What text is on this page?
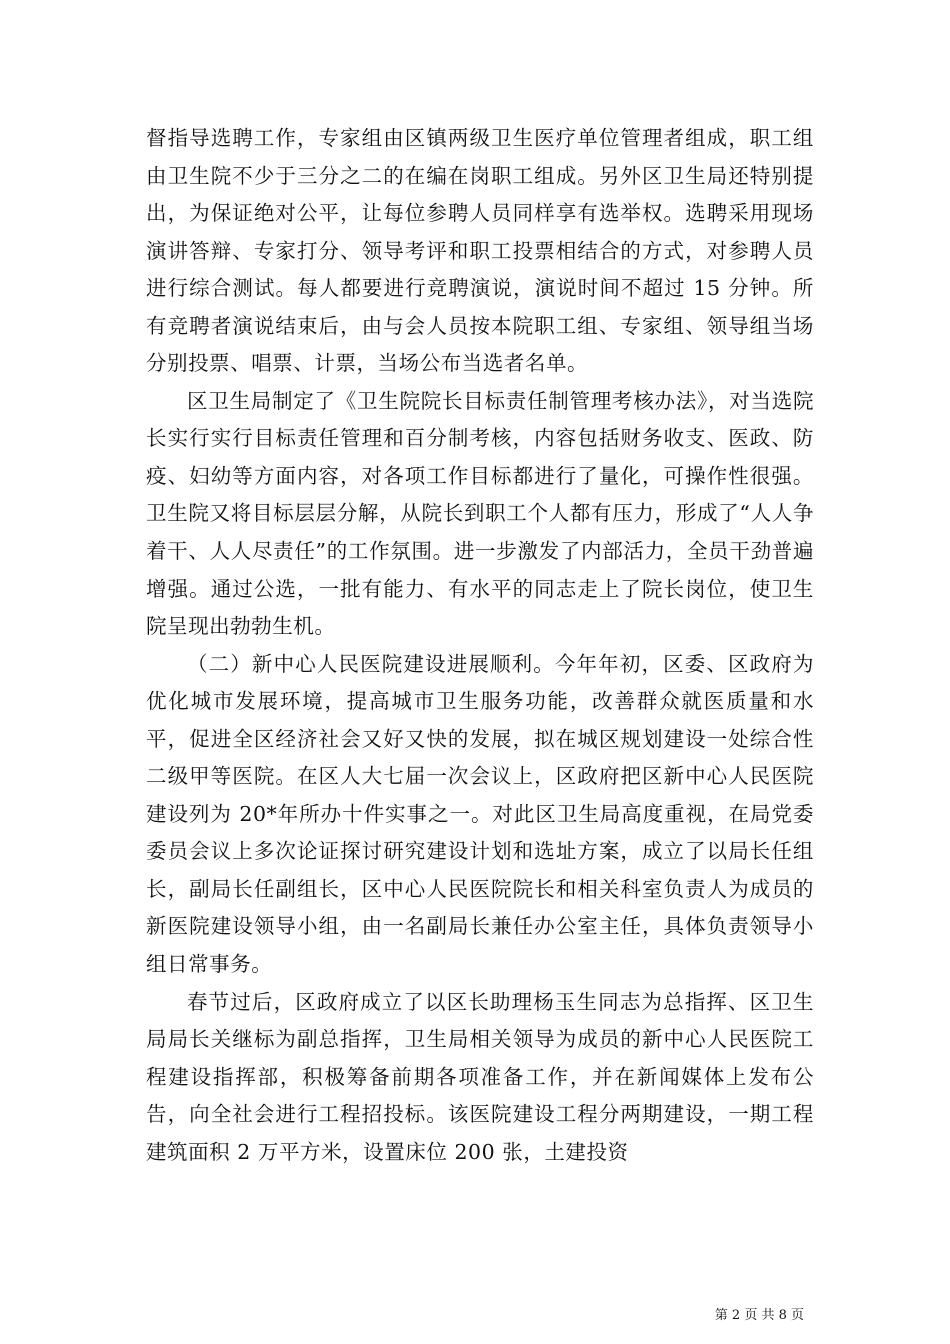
督指导选聘工作，专家组由区镇两级卫生医疗单位管理者组成，职工组由卫生院不少于三分之二的在编在岗职工组成。另外区卫生局还特别提出，为保证绝对公平，让每位参聘人员同样享有选举权。选聘采用现场演讲答辩、专家打分、领导考评和职工投票相结合的方式，对参聘人员进行综合测试。每人都要进行竞聘演说，演说时间不超过 15 分钟。所有竞聘者演说结束后，由与会人员按本院职工组、专家组、领导组当场分别投票、唱票、计票，当场公布当选者名单。

区卫生局制定了《卫生院院长目标责任制管理考核办法》，对当选院长实行实行目标责任管理和百分制考核，内容包括财务收支、医政、防疫、妇幼等方面内容，对各项工作目标都进行了量化，可操作性很强。卫生院又将目标层层分解，从院长到职工个人都有压力，形成了“人人争着干、人人尽责任”的工作氛围。进一步激发了内部活力，全员干劲普遍增强。通过公选，一批有能力、有水平的同志走上了院长岗位，使卫生院呈现出勃勃生机。

（二）新中心人民医院建设进展顺利。今年年初，区委、区政府为优化城市发展环境，提高城市卫生服务功能，改善群众就医质量和水平，促进全区经济社会又好又快的发展，拟在城区规划建设一处综合性二级甲等医院。在区人大七届一次会议上，区政府把区新中心人民医院建设列为 20*年所办十件实事之一。对此区卫生局高度重视，在局党委委员会议上多次论证探讨研究建设计划和选址方案，成立了以局长任组长，副局长任副组长，区中心人民医院院长和相关科室负责人为成员的新医院建设领导小组，由一名副局长兼任办公室主任，具体负责领导小组日常事务。

春节过后，区政府成立了以区长助理杨玉生同志为总指挥、区卫生局局长关继标为副总指挥，卫生局相关领导为成员的新中心人民医院工程建设指挥部，积极筹备前期各项准备工作，并在新闻媒体上发布公告，向全社会进行工程招投标。该医院建设工程分两期建设，一期工程建筑面积 2 万平方米，设置床位 200 张，土建投资

第 2 页 共 8 页
